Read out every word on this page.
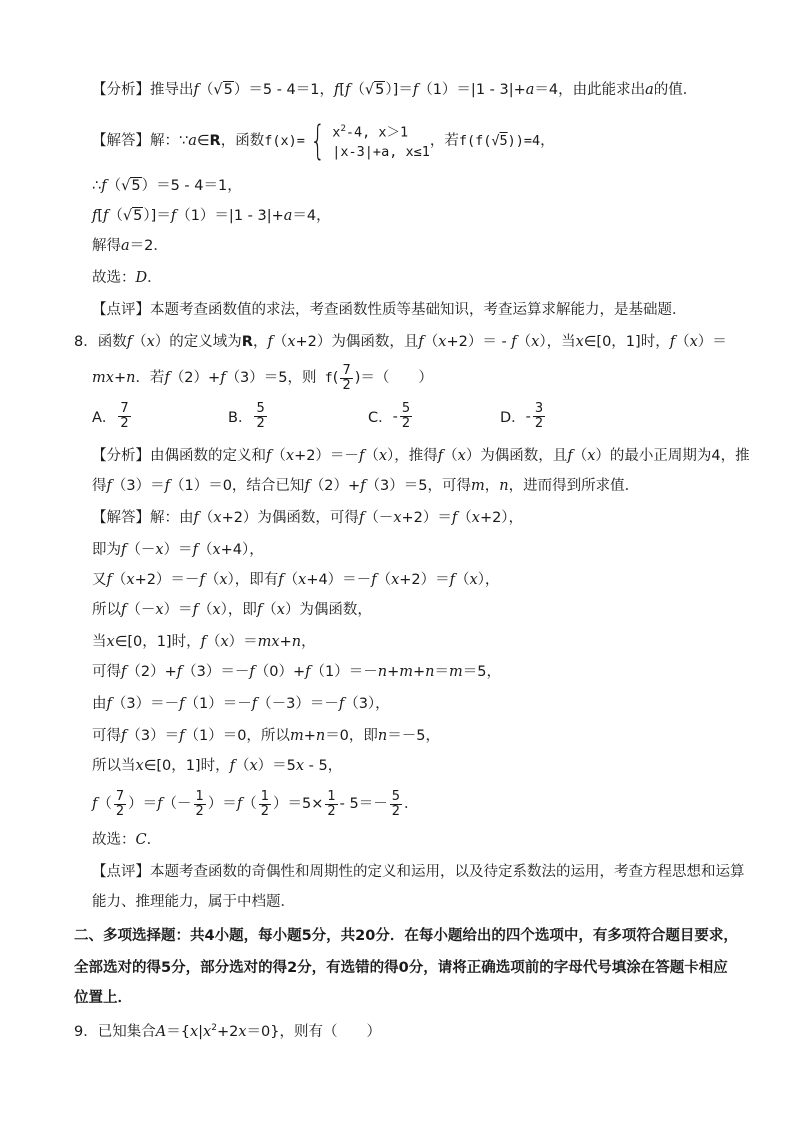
【分析】推导出f（√5）＝5 - 4＝1，f[f（√5）]＝f（1）＝|1 - 3|+a＝4，由此能求出a的值．
【解答】 解：∵a∈R，函数 f(x)= { $x^2-4$, x＞1
|x-3|+a, x≤1
，若 f(f(√5))=4 ，
∴f（√5）＝5 - 4＝1，
f[f（√5）]＝f（1）＝|1 - 3|+a＝4，
解得a＝2．
故选：D．
【点评】本题考查函数值的求法，考查函数性质等基础知识，考查运算求解能力，是基础题．
8．函数f（x）的定义域为R，f（x+2）为偶函数，且f（x+2）＝ - f（x），当x∈[0，1]时，f（x）＝
mx + n ．若 f （2）+ f （3）＝5，则 f ( $\frac{7}{2}$ )＝（　　）
A． $\frac{7}{2}$	B． $\frac{5}{2}$	C． - $\frac{5}{2}$	D． - $\frac{3}{2}$
【分析】由偶函数的定义和f（x+2）＝－f（x），推得f（x）为偶函数，且f（x）的最小正周期为4，推
得f（3）＝f（1）＝0，结合已知f（2）+f（3）＝5，可得m，n，进而得到所求值．
【解答】解：由f（x+2）为偶函数，可得f（－x+2）＝f（x+2），
即为f（－x）＝f（x+4），
又f（x+2）＝－f（x），即有f（x+4）＝－f（x+2）＝f（x），
所以f（－x）＝f（x），即f（x）为偶函数，
当x∈[0，1]时，f（x）＝mx+n，
可得f（2）+f（3）＝－f（0）+f（1）＝－n+m+n＝m＝5，
由f（3）＝－f（1）＝－f（－3）＝－f（3），
可得f（3）＝f（1）＝0，所以m+n＝0，即n＝－5，
所以当x∈[0，1]时，f（x）＝5x - 5，
f （ $\frac{7}{2}$ ）＝ f （－ $\frac{1}{2}$ ）＝ f （ $\frac{1}{2} )=5\times \frac{1}{2} - 5=- \frac{5}{2}$ ．
故选：C．
【点评】本题考查函数的奇偶性和周期性的定义和运用，以及待定系数法的运用，考查方程思想和运算
能力、推理能力，属于中档题．
二、多项选择题：共4小题，每小题5分，共20分．在每小题给出的四个选项中，有多项符合题目要求，
全部选对的得5分，部分选对的得2分，有选错的得0分，请将正确选项前的字母代号填涂在答题卡相应
位置上．
9．已知集合$A=\{x|x^2+2x=0\}$，则有（　　）
